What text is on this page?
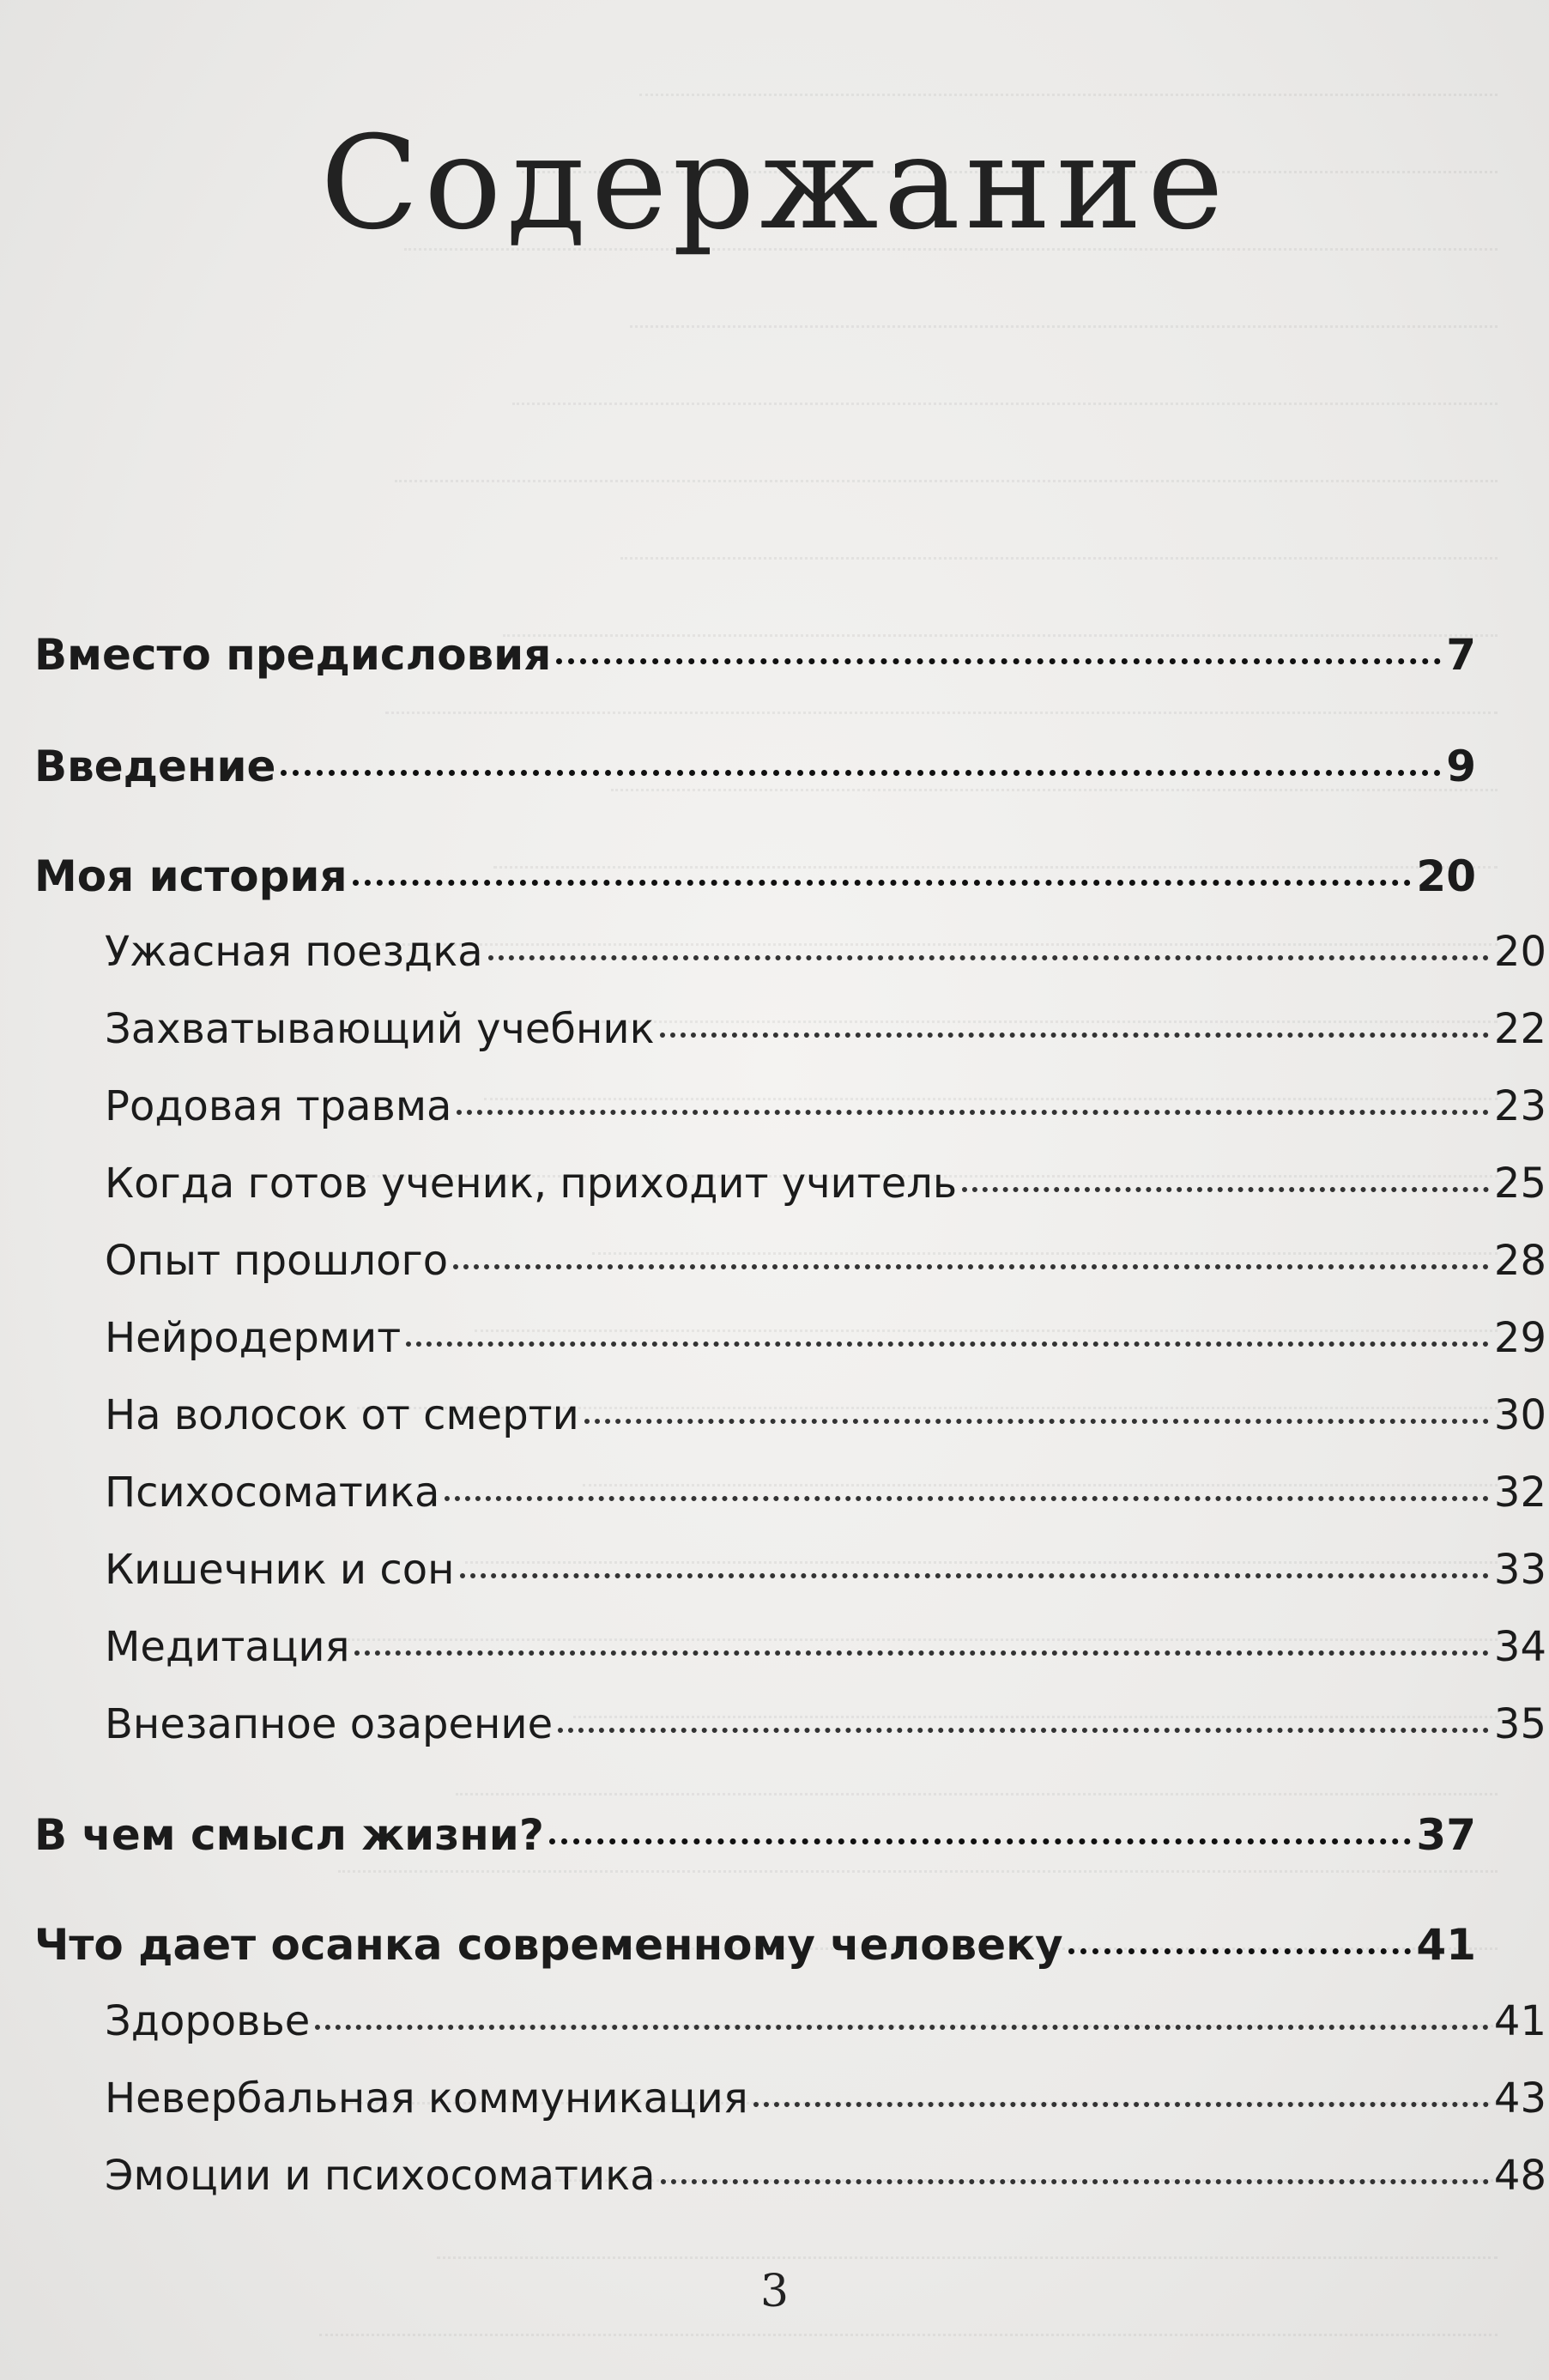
Содержание
Вместо предисловия	7
Введение	9
Моя история	20
Ужасная поездка	20
Захватывающий учебник	22
Родовая травма	23
Когда готов ученик, приходит учитель	25
Опыт прошлого	28
Нейродермит	29
На волосок от смерти	30
Психосоматика	32
Кишечник и сон	33
Медитация	34
Внезапное озарение	35
В чем смысл жизни?	37
Что дает осанка современному человеку	41
Здоровье	41
Невербальная коммуникация	43
Эмоции и психосоматика	48
3
